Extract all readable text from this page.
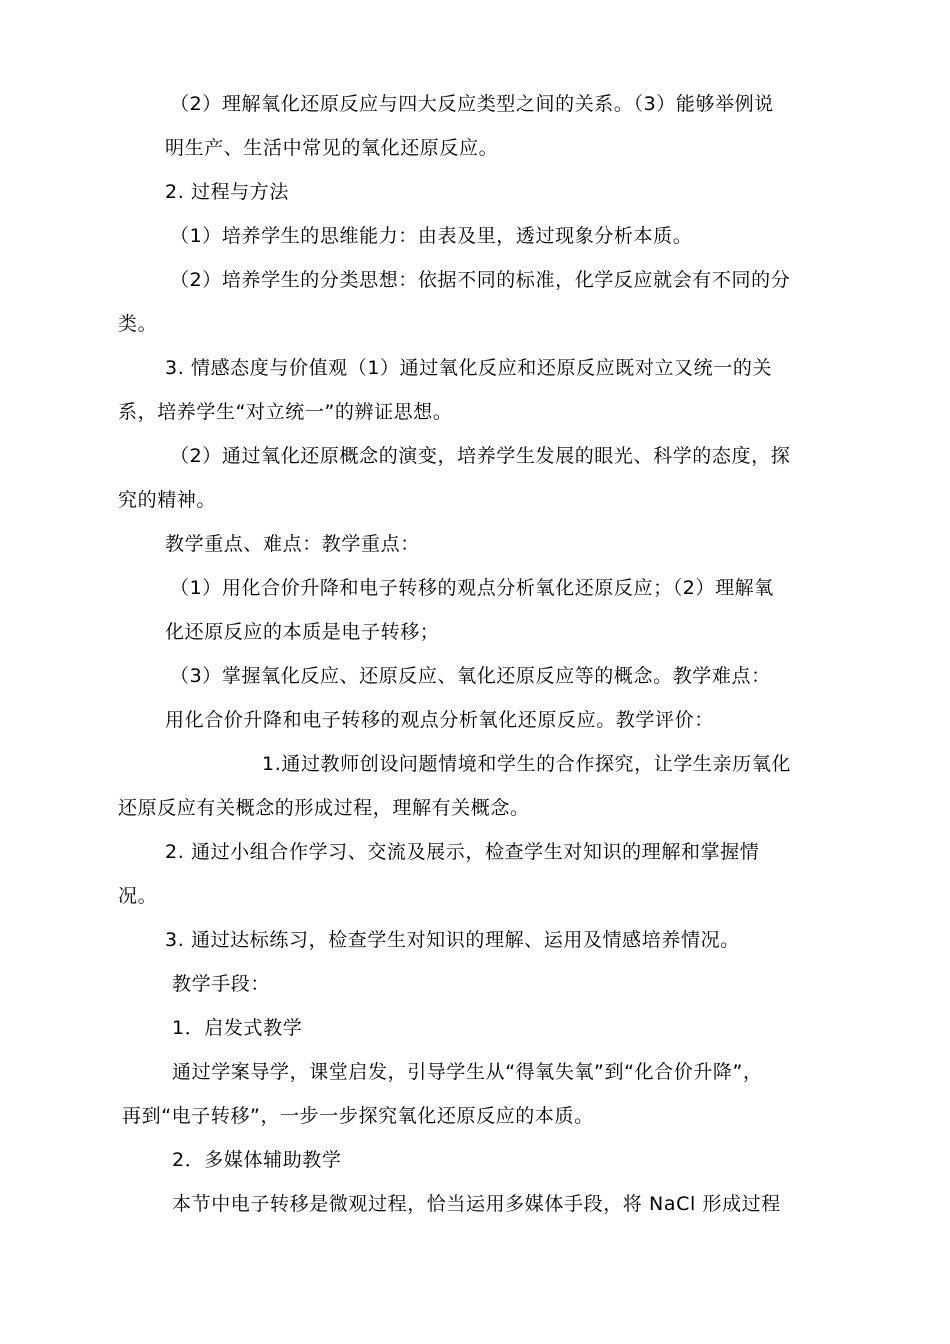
（2）理解氧化还原反应与四大反应类型之间的关系。（3）能够举例说
明生产、生活中常见的氧化还原反应。
2. 过程与方法
（1）培养学生的思维能力：由表及里，透过现象分析本质。
（2）培养学生的分类思想：依据不同的标准，化学反应就会有不同的分
类。
3. 情感态度与价值观（1）通过氧化反应和还原反应既对立又统一的关
系，培养学生“对立统一”的辨证思想。
（2）通过氧化还原概念的演变，培养学生发展的眼光、科学的态度，探
究的精神。
教学重点、难点：教学重点：
（1）用化合价升降和电子转移的观点分析氧化还原反应；（2）理解氧
化还原反应的本质是电子转移；
（3）掌握氧化反应、还原反应、氧化还原反应等的概念。教学难点：
用化合价升降和电子转移的观点分析氧化还原反应。教学评价：
1.通过教师创设问题情境和学生的合作探究，让学生亲历氧化
还原反应有关概念的形成过程，理解有关概念。
2. 通过小组合作学习、交流及展示，检查学生对知识的理解和掌握情
况。
3. 通过达标练习，检查学生对知识的理解、运用及情感培养情况。
教学手段：
1．启发式教学
通过学案导学，课堂启发，引导学生从“得氧失氧”到“化合价升降”，
再到“电子转移”，一步一步探究氧化还原反应的本质。
2．多媒体辅助教学
本节中电子转移是微观过程，恰当运用多媒体手段，将 NaCl 形成过程
